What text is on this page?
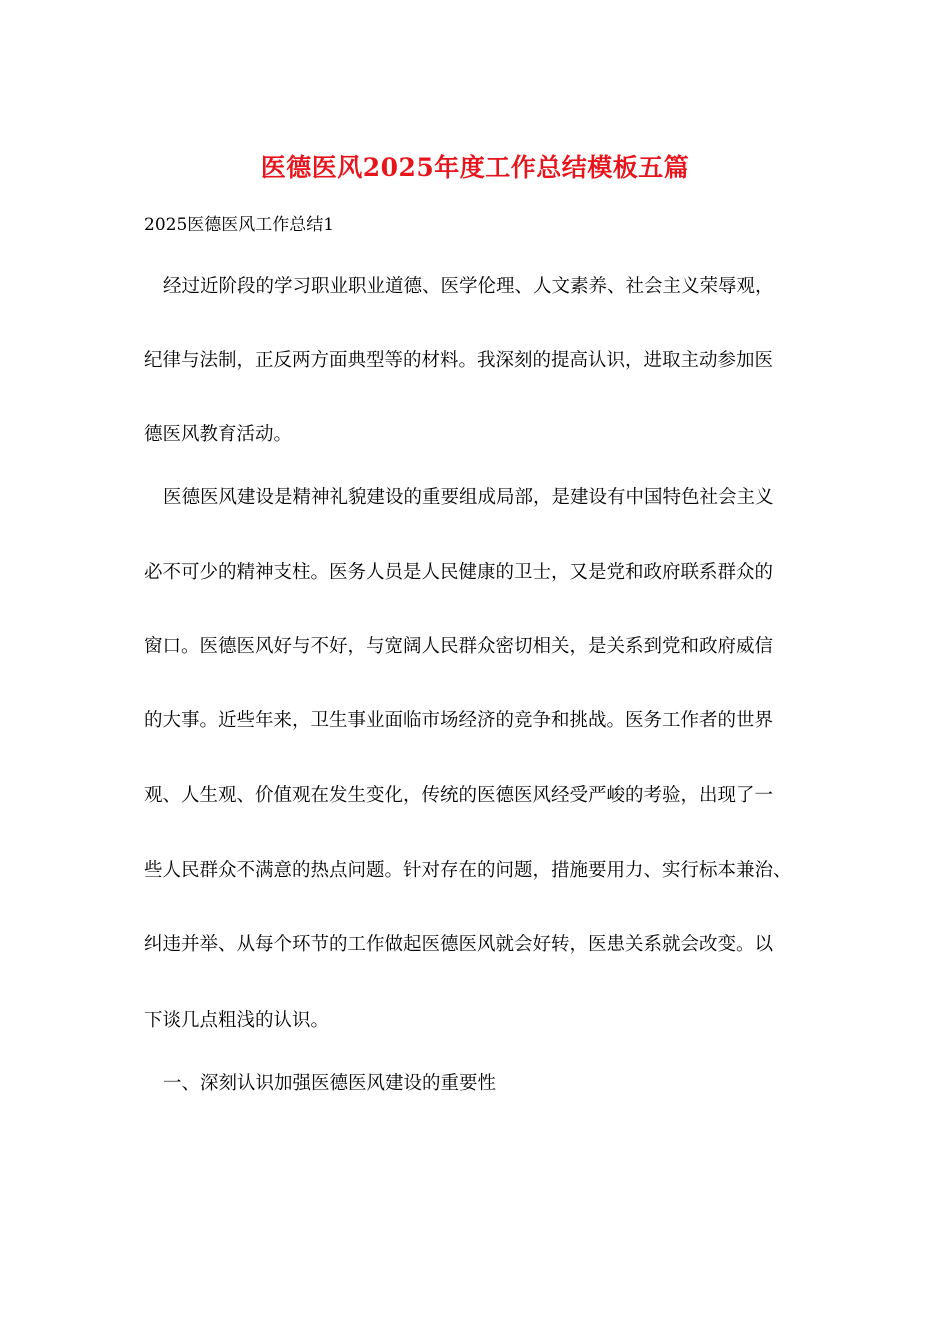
医德医风2025年度工作总结模板五篇
2025医德医风工作总结1
经过近阶段的学习职业职业道德、医学伦理、人文素养、社会主义荣辱观，
纪律与法制，正反两方面典型等的材料。我深刻的提高认识，进取主动参加医
德医风教育活动。
医德医风建设是精神礼貌建设的重要组成局部，是建设有中国特色社会主义
必不可少的精神支柱。医务人员是人民健康的卫士，又是党和政府联系群众的
窗口。医德医风好与不好，与宽阔人民群众密切相关，是关系到党和政府威信
的大事。近些年来，卫生事业面临市场经济的竞争和挑战。医务工作者的世界
观、人生观、价值观在发生变化，传统的医德医风经受严峻的考验，出现了一
些人民群众不满意的热点问题。针对存在的问题，措施要用力、实行标本兼治、
纠违并举、从每个环节的工作做起医德医风就会好转，医患关系就会改变。以
下谈几点粗浅的认识。
一、深刻认识加强医德医风建设的重要性
